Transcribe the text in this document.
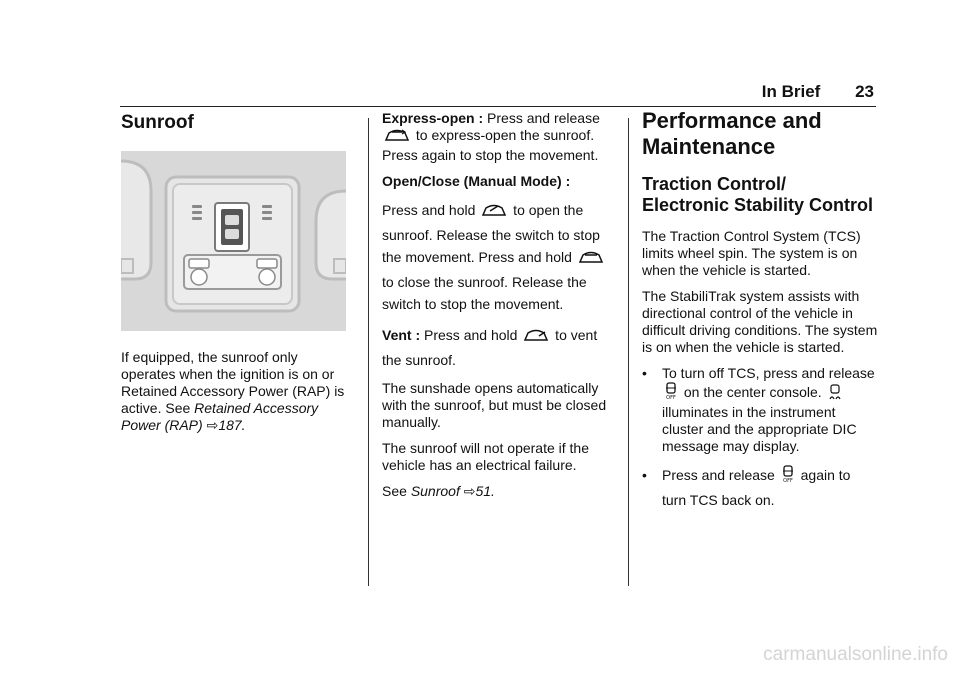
In Brief 23
Sunroof

If equipped, the sunroof only operates when the ignition is on or Retained Accessory Power (RAP) is active. See Retained Accessory Power (RAP) ⇨187.

Express-open : Press and release
to express-open the sunroof. Press again to stop the movement.

Open/Close (Manual Mode) :

Press and hold  to open the sunroof. Release the switch to stop the movement. Press and hold  to close the sunroof. Release the switch to stop the movement.

Vent : Press and hold  to vent the sunroof.

The sunshade opens automatically with the sunroof, but must be closed manually.

The sunroof will not operate if the vehicle has an electrical failure.

See Sunroof ⇨51.

Performance and Maintenance
Traction Control/ Electronic Stability Control

The Traction Control System (TCS) limits wheel spin. The system is on when the vehicle is started.

The StabiliTrak system assists with directional control of the vehicle in difficult driving conditions. The system is on when the vehicle is started.

• To turn off TCS, press and release
OFF on the center console.  illuminates in the instrument cluster and the appropriate DIC message may display.

• Press and release OFF again to turn TCS back on.

carmanualsonline.info
